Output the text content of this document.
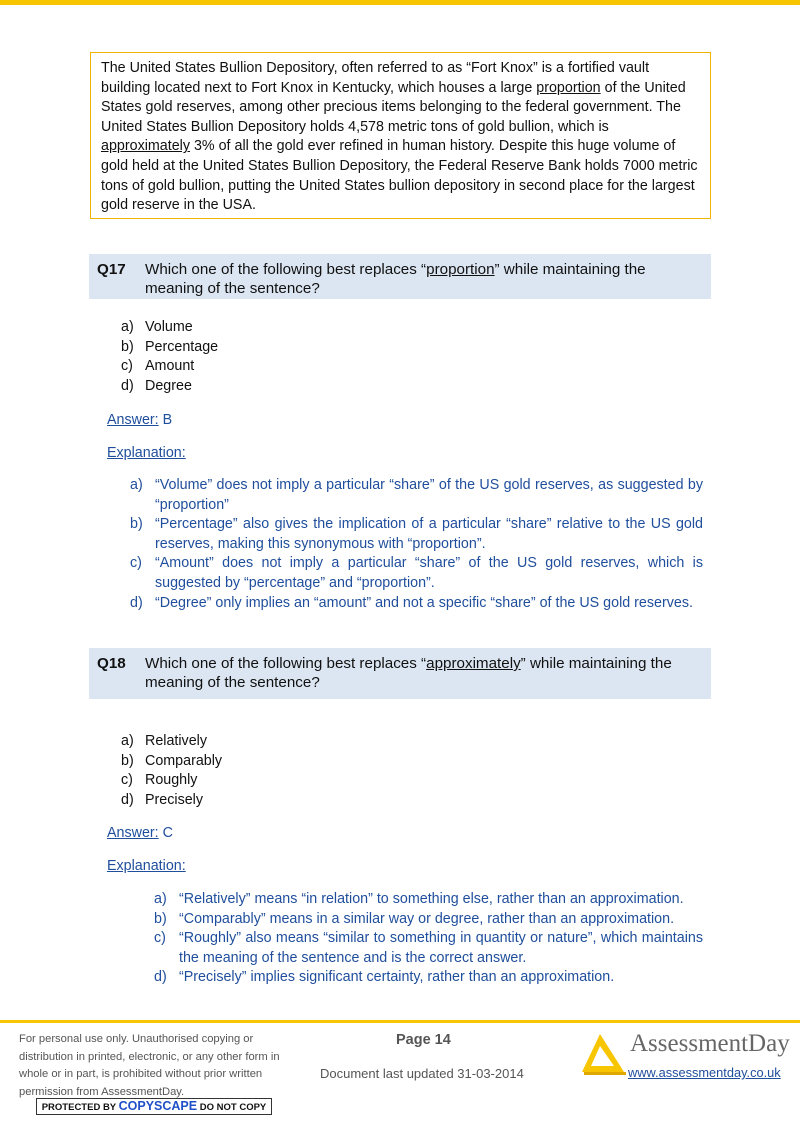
The United States Bullion Depository, often referred to as “Fort Knox” is a fortified vault building located next to Fort Knox in Kentucky, which houses a large proportion of the United States gold reserves, among other precious items belonging to the federal government. The United States Bullion Depository holds 4,578 metric tons of gold bullion, which is approximately 3% of all the gold ever refined in human history. Despite this huge volume of gold held at the United States Bullion Depository, the Federal Reserve Bank holds 7000 metric tons of gold bullion, putting the United States bullion depository in second place for the largest gold reserve in the USA.
Q17 Which one of the following best replaces “proportion” while maintaining the meaning of the sentence?
a) Volume
b) Percentage
c) Amount
d) Degree
Answer: B
Explanation:
a) “Volume” does not imply a particular “share” of the US gold reserves, as suggested by “proportion”
b) “Percentage” also gives the implication of a particular “share” relative to the US gold reserves, making this synonymous with “proportion”.
c) “Amount” does not imply a particular “share” of the US gold reserves, which is suggested by “percentage” and “proportion”.
d) “Degree” only implies an “amount” and not a specific “share” of the US gold reserves.
Q18 Which one of the following best replaces “approximately” while maintaining the meaning of the sentence?
a) Relatively
b) Comparably
c) Roughly
d) Precisely
Answer: C
Explanation:
a) “Relatively” means “in relation” to something else, rather than an approximation.
b) “Comparably” means in a similar way or degree, rather than an approximation.
c) “Roughly” also means “similar to something in quantity or nature”, which maintains the meaning of the sentence and is the correct answer.
d) “Precisely” implies significant certainty, rather than an approximation.
For personal use only. Unauthorised copying or distribution in printed, electronic, or any other form in whole or in part, is prohibited without prior written permission from AssessmentDay.
PROTECTED BY COPYSCAPE DO NOT COPY
Page 14
Document last updated 31-03-2014
AssessmentDay
www.assessmentday.co.uk
